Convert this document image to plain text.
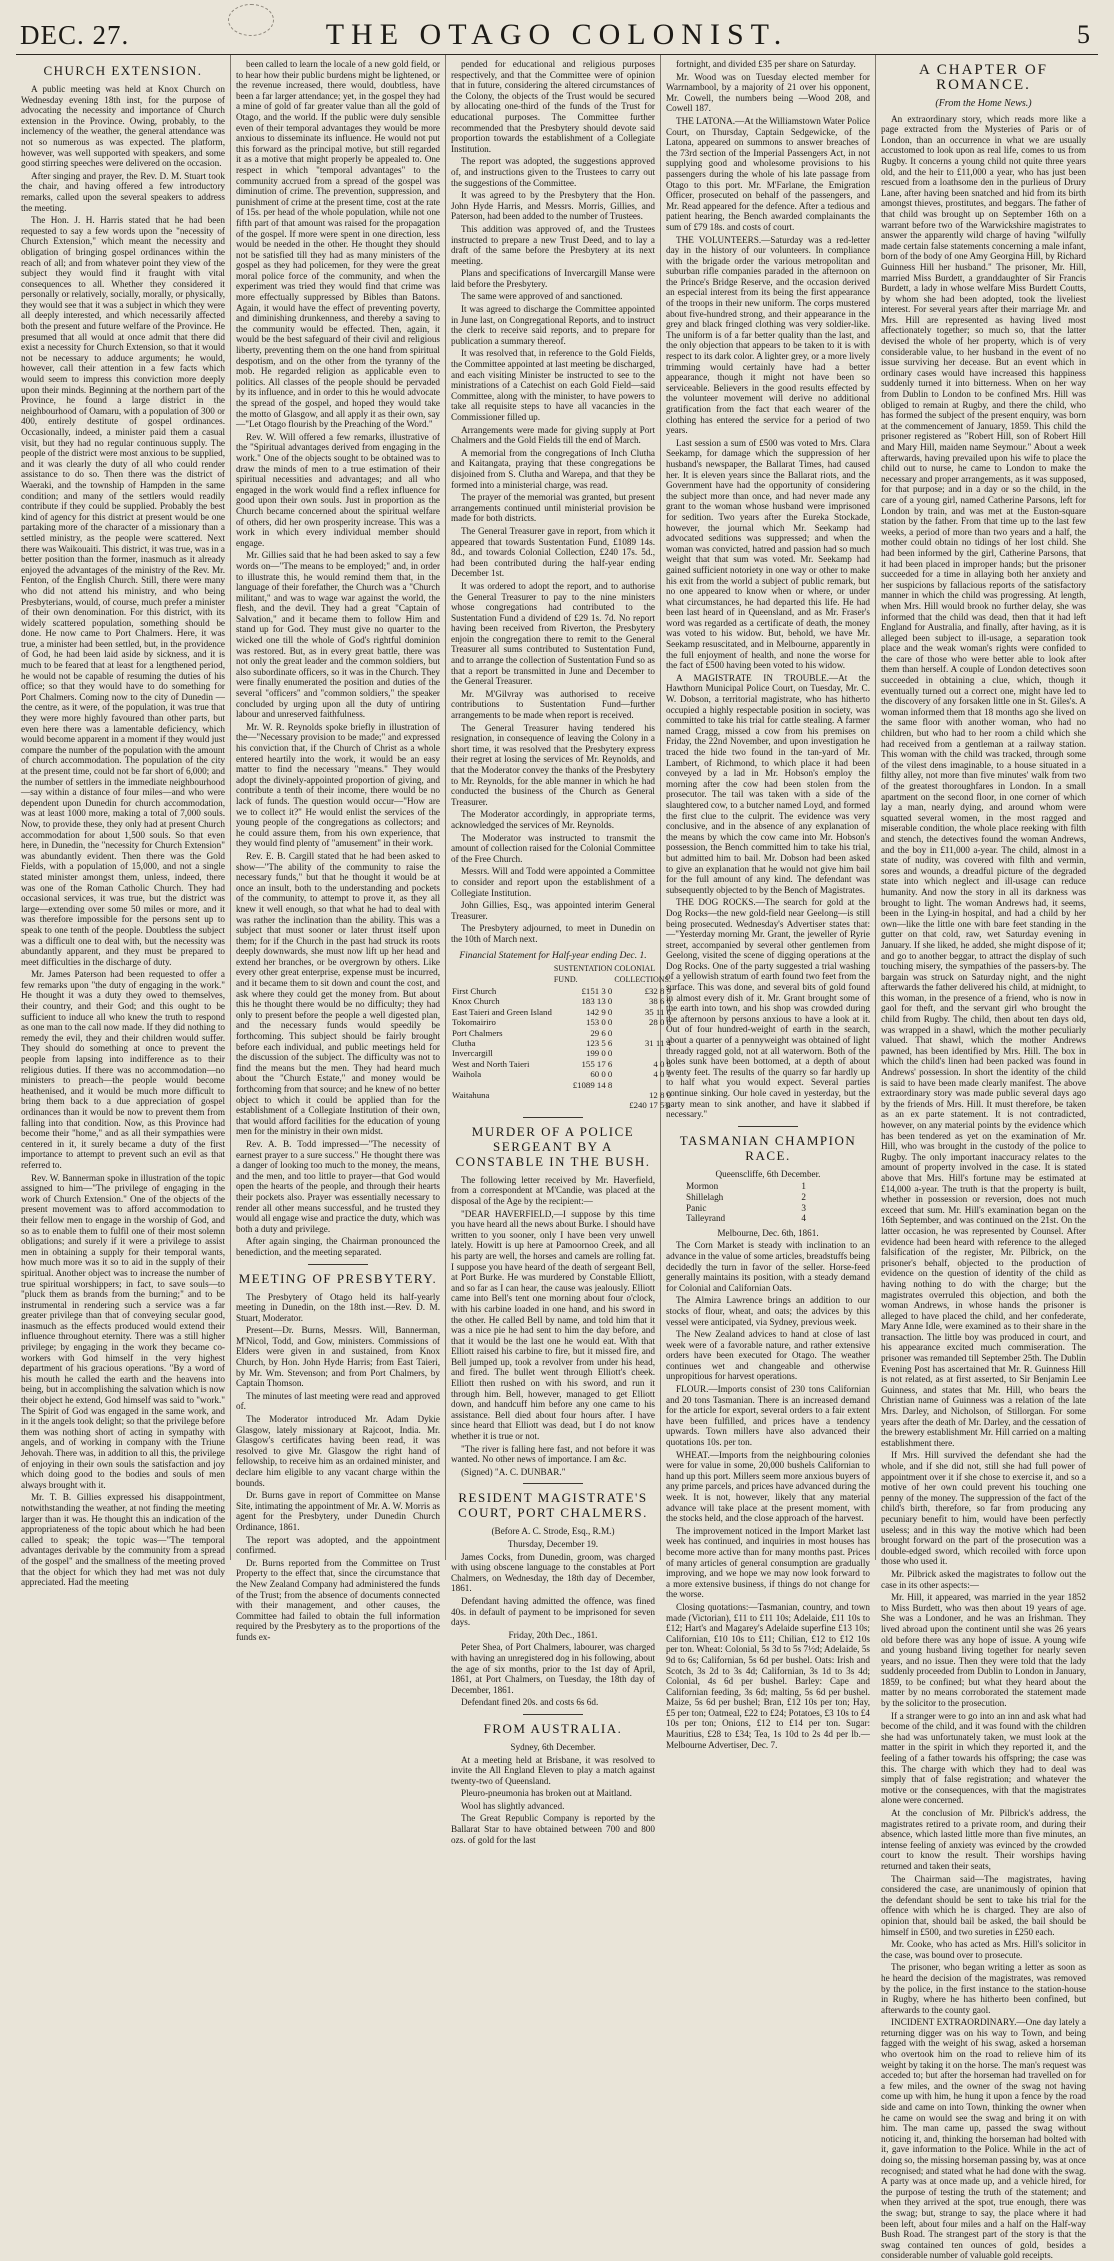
DEC. 27.	THE OTAGO COLONIST.	5
CHURCH EXTENSION.

A public meeting was held at Knox Church on Wednesday evening 18th inst, for the purpose of advocating the necessity and importance of Church extension in the Province. Owing, probably, to the inclemency of the weather, the general attendance was not so numerous as was expected. The platform, however, was well supported with speakers, and some good stirring speeches were delivered on the occasion.

After singing and prayer, the Rev. D. M. Stuart took the chair, and having offered a few introductory remarks, called upon the several speakers to address the meeting.

The Hon. J. H. Harris stated that he had been requested to say a few words upon the "necessity of Church Extension," which meant the necessity and obligation of bringing gospel ordinances within the reach of all; and from whatever point they view of the subject they would find it fraught with vital consequences to all. Whether they considered it personally or relatively, socially, morally, or physically, they would see that it was a subject in which they were all deeply interested, and which necessarily affected both the present and future welfare of the Province. He presumed that all would at once admit that there did exist a necessity for Church Extension, so that it would not be necessary to adduce arguments; he would, however, call their attention in a few facts which would seem to impress this conviction more deeply upon their minds. Beginning at the northern part of the Province, he found a large district in the neighbourhood of Oamaru, with a population of 300 or 400, entirely destitute of gospel ordinances. Occasionally, indeed, a minister paid them a casual visit, but they had no regular continuous supply. The people of the district were most anxious to be supplied, and it was clearly the duty of all who could render assistance to do so. Then there was the district of Waeraki, and the township of Hampden in the same condition; and many of the settlers would readily contribute if they could be supplied. Probably the best kind of agency for this district at present would be one partaking more of the character of a missionary than a settled ministry, as the people were scattered. Next there was Waikouaiti. This district, it was true, was in a better position than the former, inasmuch as it already enjoyed the advantages of the ministry of the Rev. Mr. Fenton, of the English Church. Still, there were many who did not attend his ministry, and who being Presbyterians, would, of course, much prefer a minister of their own denomination. For this district, with its widely scattered population, something should be done. He now came to Port Chalmers. Here, it was true, a minister had been settled, but, in the providence of God, he had been laid aside by sickness, and it is much to be feared that at least for a lengthened period, he would not be capable of resuming the duties of his office; so that they would have to do something for Port Chalmers. Coming now to the city of Dunedin —the centre, as it were, of the population, it was true that they were more highly favoured than other parts, but even here there was a lamentable deficiency, which would become apparent in a moment if they would just compare the number of the population with the amount of church accommodation. The population of the city at the present time, could not be far short of 6,000; and the number of settlers in the immediate neighbourhood—say within a distance of four miles—and who were dependent upon Dunedin for church accommodation, was at least 1000 more, making a total of 7,000 souls. Now, to provide these, they only had at present Church accommodation for about 1,500 souls. So that even here, in Dunedin, the "necessity for Church Extension" was abundantly evident. Then there was the Gold Fields, with a population of 15,000, and not a single stated minister amongst them, unless, indeed, there was one of the Roman Catholic Church. They had occasional services, it was true, but the district was large—extending over some 50 miles or more, and it was therefore impossible for the persons sent up to speak to one tenth of the people. Doubtless the subject was a difficult one to deal with, but the necessity was abundantly apparent, and they must be prepared to meet difficulties in the discharge of duty.

Mr. James Paterson had been requested to offer a few remarks upon "the duty of engaging in the work." He thought it was a duty they owed to themselves, their country, and their God; and this ought to be sufficient to induce all who knew the truth to respond as one man to the call now made. If they did nothing to remedy the evil, they and their children would suffer. They should do something at once to prevent the people from lapsing into indifference as to their religious duties. If there was no accommodation—no ministers to preach—the people would become heathenised, and it would be much more difficult to bring them back to a due appreciation of gospel ordinances than it would be now to prevent them from falling into that condition. Now, as this Province had become their "home," and as all their sympathies were centered in it, it surely became a duty of the first importance to attempt to prevent such an evil as that referred to.

Rev. W. Bannerman spoke in illustration of the topic assigned to him—"The privilege of engaging in the work of Church Extension." One of the objects of the present movement was to afford accommodation to their fellow men to engage in the worship of God, and so as to enable them to fulfil one of their most solemn obligations; and surely if it were a privilege to assist men in obtaining a supply for their temporal wants, how much more was it so to aid in the supply of their spiritual. Another object was to increase the number of true spiritual worshippers; in fact, to save souls—to "pluck them as brands from the burning;" and to be instrumental in rendering such a service was a far greater privilege than that of conveying secular good, inasmuch as the effects produced would extend their influence throughout eternity. There was a still higher privilege; by engaging in the work they became co-workers with God himself in the very highest department of his gracious operations. "By a word of his mouth he called the earth and the heavens into being, but in accomplishing the salvation which is now their object he extend, God himself was said to "work." The Spirit of God was engaged in the same work, and in it the angels took delight; so that the privilege before them was nothing short of acting in sympathy with angels, and of working in company with the Triune Jehovah. There was, in addition to all this, the privilege of enjoying in their own souls the satisfaction and joy which doing good to the bodies and souls of men always brought with it.

Mr. T. B. Gillies expressed his disappointment, notwithstanding the weather, at not finding the meeting larger than it was. He thought this an indication of the appropriateness of the topic about which he had been called to speak; the topic was—"The temporal advantages derivable by the community from a spread of the gospel" and the smallness of the meeting proved that the object for which they had met was not duly appreciated. Had the meeting

been called to learn the locale of a new gold field, or to hear how their public burdens might be lightened, or the revenue increased, there would, doubtless, have been a far larger attendance; yet, in the gospel they had a mine of gold of far greater value than all the gold of Otago, and the world. If the public were duly sensible even of their temporal advantages they would be more anxious to disseminate its influence. He would not put this forward as the principal motive, but still regarded it as a motive that might properly be appealed to. One respect in which "temporal advantages" to the community accrued from a spread of the gospel was diminution of crime. The prevention, suppression, and punishment of crime at the present time, cost at the rate of 15s. per head of the whole population, while not one fifth part of that amount was raised for the propagation of the gospel. If more were spent in one direction, less would be needed in the other. He thought they should not be satisfied till they had as many ministers of the gospel as they had policemen, for they were the great moral police force of the community, and when the experiment was tried they would find that crime was more effectually suppressed by Bibles than Batons. Again, it would have the effect of preventing poverty, and diminishing drunkenness, and thereby a saving to the community would be effected. Then, again, it would be the best safeguard of their civil and religious liberty, preventing them on the one hand from spiritual despotism, and on the other from the tyranny of the mob. He regarded religion as applicable even to politics. All classes of the people should be pervaded by its influence, and in order to this he would advocate the spread of the gospel, and hoped they would take the motto of Glasgow, and all apply it as their own, say—"Let Otago flourish by the Preaching of the Word."

Rev. W. Will offered a few remarks, illustrative of the "Spiritual advantages derived from engaging in the work." One of the objects sought to be obtained was to draw the minds of men to a true estimation of their spiritual necessities and advantages; and all who engaged in the work would find a reflex influence for good upon their own souls. Just in proportion as the Church became concerned about the spiritual welfare of others, did her own prosperity increase. This was a work in which every individual member should engage.

Mr. Gillies said that he had been asked to say a few words on—"The means to be employed;" and, in order to illustrate this, he would remind them that, in the language of their forefather, the Church was a "Church militant," and was to wage war against the world, the flesh, and the devil. They had a great "Captain of Salvation," and it became them to follow Him and stand up for God. They must give no quarter to the wicked one till the whole of God's rightful dominion was restored. But, as in every great battle, there was not only the great leader and the common soldiers, but also subordinate officers, so it was in the Church. They were finally enumerated the position and duties of the several "officers" and "common soldiers," the speaker concluded by urging upon all the duty of untiring labour and unreserved faithfulness.

Mr. W. R. Reynolds spoke briefly in illustration of the—"Necessary provision to be made;" and expressed his conviction that, if the Church of Christ as a whole entered heartily into the work, it would be an easy matter to find the necessary "means." They would adopt the divinely-appointed proportion of giving, and contribute a tenth of their income, there would be no lack of funds. The question would occur—"How are we to collect it?" He would enlist the services of the young people of the congregations as collectors; and he could assure them, from his own experience, that they would find plenty of "amusement" in their work.

Rev. E. B. Cargill stated that he had been asked to show—"The ability of the community to raise the necessary funds," but that he thought it would be at once an insult, both to the understanding and pockets of the community, to attempt to prove it, as they all knew it well enough, so that what he had to deal with was rather the inclination than the ability. This was a subject that must sooner or later thrust itself upon them; for if the Church in the past had struck its roots deeply downwards, she must now lift up her head and extend her branches, or be overgrown by others. Like every other great enterprise, expense must be incurred, and it became them to sit down and count the cost, and ask where they could get the money from. But about this he thought there would be no difficulty; they had only to present before the people a well digested plan, and the necessary funds would speedily be forthcoming. This subject should be fairly brought before each individual, and public meetings held for the discussion of the subject. The difficulty was not to find the means but the men. They had heard much about the "Church Estate," and money would be forthcoming from that source; and he knew of no better object to which it could be applied than for the establishment of a Collegiate Institution of their own, that would afford facilities for the education of young men for the ministry in their own midst.

Rev. A. B. Todd impressed—"The necessity of earnest prayer to a sure success." He thought there was a danger of looking too much to the money, the means, and the men, and too little to prayer—that God would open the hearts of the people, and through their hearts their pockets also. Prayer was essentially necessary to render all other means successful, and he trusted they would all engage wise and practice the duty, which was both a duty and privilege.

After again singing, the Chairman pronounced the benediction, and the meeting separated.

MEETING OF PRESBYTERY.

The Presbytery of Otago held its half-yearly meeting in Dunedin, on the 18th inst.—Rev. D. M. Stuart, Moderator.

Present—Dr. Burns, Messrs. Will, Bannerman, M'Nicol, Todd, and Gow, ministers. Commissions of Elders were given in and sustained, from Knox Church, by Hon. John Hyde Harris; from East Taieri, by Mr. Wm. Stevenson; and from Port Chalmers, by Captain Thomson.

The minutes of last meeting were read and approved of.

The Moderator introduced Mr. Adam Dykie Glasgow, lately missionary at Rajcoot, India. Mr. Glasgow's certificates having been read, it was resolved to give Mr. Glasgow the right hand of fellowship, to receive him as an ordained minister, and declare him eligible to any vacant charge within the bounds.

Dr. Burns gave in report of Committee on Manse Site, intimating the appointment of Mr. A. W. Morris as agent for the Presbytery, under Dunedin Church Ordinance, 1861.

The report was adopted, and the appointment confirmed.

Dr. Burns reported from the Committee on Trust Property to the effect that, since the circumstance that the New Zealand Company had administered the funds of the Trust; from the absence of documents connected with their management, and other causes, the Committee had failed to obtain the full information required by the Presbytery as to the proportions of the funds ex-

pended for educational and religious purposes respectively, and that the Committee were of opinion that in future, considering the altered circumstances of the Colony, the objects of the Trust would be secured by allocating one-third of the funds of the Trust for educational purposes. The Committee further recommended that the Presbytery should devote said proportion towards the establishment of a Collegiate Institution.

The report was adopted, the suggestions approved of, and instructions given to the Trustees to carry out the suggestions of the Committee.

It was agreed to by the Presbytery that the Hon. John Hyde Harris, and Messrs. Morris, Gillies, and Paterson, had been added to the number of Trustees.

This addition was approved of, and the Trustees instructed to prepare a new Trust Deed, and to lay a draft of the same before the Presbytery at its next meeting.

Plans and specifications of Invercargill Manse were laid before the Presbytery.

The same were approved of and sanctioned.

It was agreed to discharge the Committee appointed in June last, on Congregational Reports, and to instruct the clerk to receive said reports, and to prepare for publication a summary thereof.

It was resolved that, in reference to the Gold Fields, the Committee appointed at last meeting be discharged, and each visiting Minister be instructed to see to the ministrations of a Catechist on each Gold Field—said Committee, along with the minister, to have powers to take all requisite steps to have all vacancies in the Commissioner filled up.

Arrangements were made for giving supply at Port Chalmers and the Gold Fields till the end of March.

A memorial from the congregations of Inch Clutha and Kaitangata, praying that these congregations be disjoined from S. Clutha and Warepa, and that they be formed into a ministerial charge, was read.

The prayer of the memorial was granted, but present arrangements continued until ministerial provision be made for both districts.

The General Treasurer gave in report, from which it appeared that towards Sustentation Fund, £1089 14s. 8d., and towards Colonial Collection, £240 17s. 5d., had been contributed during the half-year ending December 1st.

It was ordered to adopt the report, and to authorise the General Treasurer to pay to the nine ministers whose congregations had contributed to the Sustentation Fund a dividend of £29 1s. 7d. No report having been received from Riverton, the Presbytery enjoin the congregation there to remit to the General Treasurer all sums contributed to Sustentation Fund, and to arrange the collection of Sustentation Fund so as that a report be transmitted in June and December to the General Treasurer.

Mr. M'Gilvray was authorised to receive contributions to Sustentation Fund—further arrangements to be made when report is received.

The General Treasurer having tendered his resignation, in consequence of leaving the Colony in a short time, it was resolved that the Presbytery express their regret at losing the services of Mr. Reynolds, and that the Moderator convey the thanks of the Presbytery to Mr. Reynolds, for the able manner in which he had conducted the business of the Church as General Treasurer.

The Moderator accordingly, in appropriate terms, acknowledged the services of Mr. Reynolds.

The Moderator was instructed to transmit the amount of collection raised for the Colonial Committee of the Free Church.

Messrs. Will and Todd were appointed a Committee to consider and report upon the establishment of a Collegiate Institution.

John Gillies, Esq., was appointed interim General Treasurer.

The Presbytery adjourned, to meet in Dunedin on the 10th of March next.

Financial Statement for Half-year ending Dec. 1.
	SUSTENTATION FUND.	COLONIAL COLLECTIONS.
First Church	£151 3 0	£32 8 9
Knox Church	183 13 0	38 6 6
East Taieri and Green Island	142 9 0	35 11 6
Tokomairiro	153 0 0	28 0 0
Port Chalmers	29 6 0	
Clutha	123 5 6	31 11 4
Invercargill	199 0 0	
West and North Taieri	155 17 6	4 0 8
Waihola	60 0 0	4 0 1
	£1089 14 8	
Waitahuna		12 8 0
		£240 17 5¾
MURDER OF A POLICE SERGEANT BY A CONSTABLE IN THE BUSH.

The following letter received by Mr. Haverfield, from a correspondent at M'Candie, was placed at the disposal of the Age by the recipient:—

"DEAR HAVERFIELD,—I suppose by this time you have heard all the news about Burke. I should have written to you sooner, only I have been very unwell lately. Howitt is up here at Pamoornoo Creek, and all his party are well, the horses and camels are rolling fat. I suppose you have heard of the death of sergeant Bell, at Port Burke. He was murdered by Constable Elliott, and so far as I can hear, the cause was jealously. Elliott came into Bell's tent one morning about four o'clock, with his carbine loaded in one hand, and his sword in the other. He called Bell by name, and told him that it was a nice pie he had sent to him the day before, and that it would be the last one he would eat. With that Elliott raised his carbine to fire, but it missed fire, and Bell jumped up, took a revolver from under his head, and fired. The bullet went through Elliott's cheek. Elliott then rushed on with his sword, and run it through him. Bell, however, managed to get Elliott down, and handcuff him before any one came to his assistance. Bell died about four hours after. I have since heard that Elliott was dead, but I do not know whether it is true or not.

"The river is falling here fast, and not before it was wanted. No other news of importance. I am &c.

(Signed) "A. C. DUNBAR."

RESIDENT MAGISTRATE'S COURT, PORT CHALMERS.
(Before A. C. Strode, Esq., R.M.)
Thursday, December 19.

James Cocks, from Dunedin, groom, was charged with using obscene language to the constables at Port Chalmers, on Wednesday, the 18th day of December, 1861.

Defendant having admitted the offence, was fined 40s. in default of payment to be imprisoned for seven days.

Friday, 20th Dec., 1861.

Peter Shea, of Port Chalmers, labourer, was charged with having an unregistered dog in his following, about the age of six months, prior to the 1st day of April, 1861, at Port Chalmers, on Tuesday, the 18th day of December, 1861.

Defendant fined 20s. and costs 6s 6d.

FROM AUSTRALIA.
Sydney, 6th December.

At a meeting held at Brisbane, it was resolved to invite the All England Eleven to play a match against twenty-two of Queensland.

Pleuro-pneumonia has broken out at Maitland.

Wool has slightly advanced.

The Great Republic Company is reported by the Ballarat Star to have obtained between 700 and 800 ozs. of gold for the last

fortnight, and divided £35 per share on Saturday.

Mr. Wood was on Tuesday elected member for Warrnambool, by a majority of 21 over his opponent, Mr. Cowell, the numbers being —Wood 208, and Cowell 187.

THE LATONA.—At the Williamstown Water Police Court, on Thursday, Captain Sedgewicke, of the Latona, appeared on summons to answer breaches of the 73rd section of the Imperial Passengers Act, in not supplying good and wholesome provisions to his passengers during the whole of his late passage from Otago to this port. Mr. M'Farlane, the Emigration Officer, prosecuted on behalf of the passengers, and Mr. Read appeared for the defence. After a tedious and patient hearing, the Bench awarded complainants the sum of £79 18s. and costs of court.

THE VOLUNTEERS.—Saturday was a red-letter day in the history of our volunteers. In compliance with the brigade order the various metropolitan and suburban rifle companies paraded in the afternoon on the Prince's Bridge Reserve, and the occasion derived an especial interest from its being the first appearance of the troops in their new uniform. The corps mustered about five-hundred strong, and their appearance in the grey and black fringed clothing was very soldier-like. The uniform is of a far better quality than the last, and the only objection that appears to be taken to it is with respect to its dark color. A lighter grey, or a more lively trimming would certainly have had a better appearance, though it might not have been so serviceable. Believers in the good results effected by the volunteer movement will derive no additional gratification from the fact that each wearer of the clothing has entered the service for a period of two years.

Last session a sum of £500 was voted to Mrs. Clara Seekamp, for damage which the suppression of her husband's newspaper, the Ballarat Times, had caused her. It is eleven years since the Ballarat riots, and the Government have had the opportunity of considering the subject more than once, and had never made any grant to the woman whose husband were imprisoned for sedition. Two years after the Eureka Stockade, however, the journal which Mr. Seekamp had advocated seditions was suppressed; and when the woman was convicted, hatred and passion had so much weight that that sum was voted. Mr. Seekamp had gained sufficient notoriety in one way or other to make his exit from the world a subject of public remark, but no one appeared to know when or where, or under what circumstances, he had departed this life. He had been last heard of in Queensland, and as Mr. Fraser's word was regarded as a certificate of death, the money was voted to his widow. But, behold, we have Mr. Seekamp resuscitated, and in Melbourne, apparently in the full enjoyment of health, and none the worse for the fact of £500 having been voted to his widow.

A MAGISTRATE IN TROUBLE.—At the Hawthorn Municipal Police Court, on Tuesday, Mr. C. W. Dobson, a territorial magistrate, who has hitherto occupied a highly respectable position in society, was committed to take his trial for cattle stealing. A farmer named Cragg, missed a cow from his premises on Friday, the 22nd November, and upon investigation he traced the hide two found in the tan-yard of Mr. Lambert, of Richmond, to which place it had been conveyed by a lad in Mr. Hobson's employ the morning after the cow had been stolen from the prosecutor. The tail was taken with a side of the slaughtered cow, to a butcher named Loyd, and formed the first clue to the culprit. The evidence was very conclusive, and in the absence of any explanation of the means by which the cow came into Mr. Hobson's possession, the Bench committed him to take his trial, but admitted him to bail. Mr. Dobson had been asked to give an explanation that he would not give him bail for the full amount of any kind. The defendant was subsequently objected to by the Bench of Magistrates.

THE DOG ROCKS.—The search for gold at the Dog Rocks—the new gold-field near Geelong—is still being prosecuted. Wednesday's Advertiser states that:—"Yesterday morning Mr. Grant, the jeweller of Ryrie street, accompanied by several other gentlemen from Geelong, visited the scene of digging operations at the Dog Rocks. One of the party suggested a trial washing of a yellowish stratum of earth found two feet from the surface. This was done, and several bits of gold found in almost every dish of it. Mr. Grant brought some of the earth into town, and his shop was crowded during the afternoon by persons anxious to have a look at it. Out of four hundred-weight of earth in the search, about a quarter of a pennyweight was obtained of light thready ragged gold, not at all waterworn. Both of the holes sunk have been bottomed, at a depth of about twenty feet. The results of the quarry so far hardly up to half what you would expect. Several parties continue sinking. Our hole caved in yesterday, but the party mean to sink another, and have it slabbed if necessary."

TASMANIAN CHAMPION RACE.
Queenscliffe, 6th December.
Mormon	1
Shillelagh	2
Panic	3
Talleyrand	4
Melbourne, Dec. 6th, 1861.

The Corn Market is steady with inclination to an advance in the value of some articles, breadstuffs being decidedly the turn in favor of the seller. Horse-feed generally maintains its position, with a steady demand for Colonial and Californian Oats.

The Almira Lawrence brings an addition to our stocks of flour, wheat, and oats; the advices by this vessel were anticipated, via Sydney, previous week.

The New Zealand advices to hand at close of last week were of a favorable nature, and rather extensive orders have been executed for Otago. The weather continues wet and changeable and otherwise unpropitious for harvest operations.

FLOUR.—Imports consist of 230 tons Californian and 20 tons Tasmanian. There is an increased demand for the article for export, several orders to a fair extent have been fulfilled, and prices have a tendency upwards. Town millers have also advanced their quotations 10s. per ton.

WHEAT.—Imports from the neighbouring colonies were for value in some, 20,000 bushels Californian to hand up this port. Millers seem more anxious buyers of any prime parcels, and prices have advanced during the week. It is not, however, likely that any material advance will take place at the present moment, with the stocks held, and the close approach of the harvest.

The improvement noticed in the Import Market last week has continued, and inquiries in most houses has become more active than for many months past. Prices of many articles of general consumption are gradually improving, and we hope we may now look forward to a more extensive business, if things do not change for the worse.

Closing quotations:—Tasmanian, country, and town made (Victorian), £11 to £11 10s; Adelaide, £11 10s to £12; Hart's and Magarey's Adelaide superfine £13 10s; Californian, £10 10s to £11; Chilian, £12 to £12 10s per ton. Wheat: Colonial, 5s 3d to 5s 7½d; Adelaide, 5s 9d to 6s; Californian, 5s 6d per bushel. Oats: Irish and Scotch, 3s 2d to 3s 4d; Californian, 3s 1d to 3s 4d; Colonial, 4s 6d per bushel. Barley: Cape and Californian feeding, 3s 6d; malting, 5s 6d per bushel. Maize, 5s 6d per bushel; Bran, £12 10s per ton; Hay, £5 per ton; Oatmeal, £22 to £24; Potatoes, £3 10s to £4 10s per ton; Onions, £12 to £14 per ton. Sugar: Mauritius, £28 to £34; Tea, 1s 10d to 2s 4d per lb.—Melbourne Advertiser, Dec. 7.

A CHAPTER OF ROMANCE.
(From the Home News.)

An extraordinary story, which reads more like a page extracted from the Mysteries of Paris or of London, than an occurrence in what we are usually accustomed to look upon as real life, comes to us from Rugby. It concerns a young child not quite three years old, and the heir to £11,000 a year, who has just been rescued from a loathsome den in the purlieus of Drury Lane, after having been snatched and hid from its birth amongst thieves, prostitutes, and beggars. The father of that child was brought up on September 16th on a warrant before two of the Warwickshire magistrates to answer the apparently wild charge of having "wilfully made certain false statements concerning a male infant, born of the body of one Amy Georgina Hill, by Richard Guinness Hill her husband." The prisoner, Mr. Hill, married Miss Burdett, a granddaughter of Sir Francis Burdett, a lady in whose welfare Miss Burdett Coutts, by whom she had been adopted, took the liveliest interest. For several years after their marriage Mr. and Mrs. Hill are represented as having lived most affectionately together; so much so, that the latter devised the whole of her property, which is of very considerable value, to her husband in the event of no issue surviving her decease. But an event which in ordinary cases would have increased this happiness suddenly turned it into bitterness. When on her way from Dublin to London to be confined Mrs. Hill was obliged to remain at Rugby, and there the child, who has formed the subject of the present enquiry, was born at the commencement of January, 1859. This child the prisoner registered as "Robert Hill, son of Robert Hill and Mary Hill, maiden name Seymour." About a week afterwards, having prevailed upon his wife to place the child out to nurse, he came to London to make the necessary and proper arrangements, as it was supposed, for that purpose; and in a day or so the child, in the care of a young girl, named Catherine Parsons, left for London by train, and was met at the Euston-square station by the father. From that time up to the last few weeks, a period of more than two years and a half, the mother could obtain no tidings of her lost child. She had been informed by the girl, Catherine Parsons, that it had been placed in improper hands; but the prisoner succeeded for a time in allaying both her anxiety and her suspicions by fallacious reports of the satisfactory manner in which the child was progressing. At length, when Mrs. Hill would brook no further delay, she was informed that the child was dead, then that it had left England for Australia, and finally, after having, as it is alleged been subject to ill-usage, a separation took place and the weak woman's rights were confided to the care of those who were better able to look after them than herself. A couple of London detectives soon succeeded in obtaining a clue, which, though it eventually turned out a correct one, might have led to the discovery of any forsaken little one in St. Giles's. A woman informed them that 18 months ago she lived on the same floor with another woman, who had no children, but who had to her room a child which she had received from a gentleman at a railway station. This woman with the child was tracked, through some of the vilest dens imaginable, to a house situated in a filthy alley, not more than five minutes' walk from two of the greatest thoroughfares in London. In a small apartment on the second floor, in one corner of which lay a man, nearly dying, and around whom were squatted several women, in the most ragged and miserable condition, the whole place reeking with filth and stench, the detectives found the woman Andrews, and the boy in £11,000 a-year. The child, almost in a state of nudity, was covered with filth and vermin, sores and wounds, a dreadful picture of the degraded state into which neglect and ill-usage can reduce humanity. And now the story in all its darkness was brought to light. The woman Andrews had, it seems, been in the Lying-in hospital, and had a child by her own—like the little one with bare feet standing in the gutter on that cold, raw, wet Saturday evening in January. If she liked, he added, she might dispose of it; and go to another beggar, to attract the display of such touching misery, the sympathies of the passers-by. The bargain was struck on Saturday night, and the night afterwards the father delivered his child, at midnight, to this woman, in the presence of a friend, who is now in gaol for theft, and the servant girl who brought the child from Rugby. The child, then about ten days old, was wrapped in a shawl, which the mother peculiarly valued. That shawl, which the mother Andrews pawned, has been identified by Mrs. Hill. The box in which the child's linen had been packed was found in Andrews' possession. In short the identity of the child is said to have been made clearly manifest. The above extraordinary story was made public several days ago by the friends of Mrs. Hill. It must therefore, be taken as an ex parte statement. It is not contradicted, however, on any material points by the evidence which has been tendered as yet on the examination of Mr. Hill, who was brought in the custody of the police to Rugby. The only important inaccuracy relates to the amount of property involved in the case. It is stated above that Mrs. Hill's fortune may be estimated at £14,000 a-year. The truth is that the property is built, whether in possession or reversion, does not much exceed that sum. Mr. Hill's examination began on the 16th September, and was continued on the 21st. On the latter occasion, he was represented by Counsel. After evidence had been heard with reference to the alleged falsification of the register, Mr. Pilbrick, on the prisoner's behalf, objected to the production of evidence on the question of identity of the child as having nothing to do with the charge; but the magistrates overruled this objection, and both the woman Andrews, in whose hands the prisoner is alleged to have placed the child, and her confederate, Mary Anne Idle, were examined as to their share in the transaction. The little boy was produced in court, and his appearance excited much commiseration. The prisoner was remanded till September 25th. The Dublin Evening Post has ascertained that Mr. R. Guinness Hill is not related, as at first asserted, to Sir Benjamin Lee Guinness, and states that Mr. Hill, who bears the Christian name of Guinness was a relation of the late Mrs. Darley, and Nicholson, of Stillorgan. For some years after the death of Mr. Darley, and the cessation of the brewery establishment Mr. Hill carried on a malting establishment there.

If Mrs. Hill survived the defendant she had the whole, and if she did not, still she had full power of appointment over it if she chose to exercise it, and so a motive of her own could prevent his touching one penny of the money. The suppression of the fact of the child's birth, therefore, so far from producing any pecuniary benefit to him, would have been perfectly useless; and in this way the motive which had been brought forward on the part of the prosecution was a double-edged sword, which recoiled with force upon those who used it.

Mr. Pilbrick asked the magistrates to follow out the case in its other aspects:—

Mr. Hill, it appeared, was married in the year 1852 to Miss Burdett, who was then about 19 years of age. She was a Londoner, and he was an Irishman. They lived abroad upon the continent until she was 26 years old before there was any hope of issue. A young wife and young husband living together for nearly seven years, and no issue. Then they were told that the lady suddenly proceeded from Dublin to London in January, 1859, to be confined; but what they heard about the matter by no means corroborated the statement made by the solicitor to the prosecution.

If a stranger were to go into an inn and ask what had become of the child, and it was found with the children she had was unfortunately taken, we must look at the matter in the spirit in which they reported it, and the feeling of a father towards his offspring; the case was this. The charge with which they had to deal was simply that of false registration; and whatever the motive or the consequences, with that the magistrates alone were concerned.

At the conclusion of Mr. Pilbrick's address, the magistrates retired to a private room, and during their absence, which lasted little more than five minutes, an intense feeling of anxiety was evinced by the crowded court to know the result. Their worships having returned and taken their seats,

The Chairman said—The magistrates, having considered the case, are unanimously of opinion that the defendant should be sent to take his trial for the offence with which he is charged. They are also of opinion that, should bail be asked, the bail should be himself in £500, and two sureties in £250 each.

Mr. Cooke, who has acted as Mrs. Hill's solicitor in the case, was bound over to prosecute.

The prisoner, who began writing a letter as soon as he heard the decision of the magistrates, was removed by the police, in the first instance to the station-house in Rugby, where he has hitherto been confined, but afterwards to the county gaol.

INCIDENT EXTRAORDINARY.—One day lately a returning digger was on his way to Town, and being fagged with the weight of his swag, asked a horseman who overtook him on the road to relieve him of its weight by taking it on the horse. The man's request was acceded to; but after the horseman had travelled on for a few miles, and the owner of the swag not having come up with him, he hung it upon a fence by the road side and came on into Town, thinking the owner when he came on would see the swag and bring it on with him. The man came up, passed the swag without noticing it, and, thinking the horseman had bolted with it, gave information to the Police. While in the act of doing so, the missing horseman passing by, was at once recognised; and stated what he had done with the swag. A party was at once made up, and a vehicle hired, for the purpose of testing the truth of the statement; and when they arrived at the spot, true enough, there was the swag; but, strange to say, the place where it had been left, about four miles and a half on the Half-way Bush Road. The strangest part of the story is that the swag contained ten ounces of gold, besides a considerable number of valuable gold receipts.
